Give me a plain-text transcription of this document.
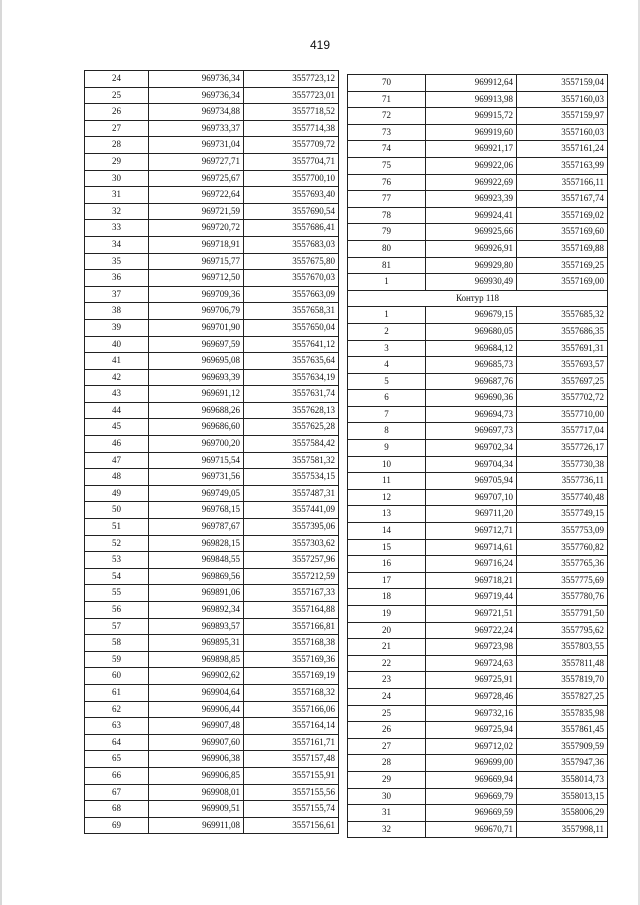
419
24	969736,34	3557723,12
25	969736,34	3557723,01
26	969734,88	3557718,52
27	969733,37	3557714,38
28	969731,04	3557709,72
29	969727,71	3557704,71
30	969725,67	3557700,10
31	969722,64	3557693,40
32	969721,59	3557690,54
33	969720,72	3557686,41
34	969718,91	3557683,03
35	969715,77	3557675,80
36	969712,50	3557670,03
37	969709,36	3557663,09
38	969706,79	3557658,31
39	969701,90	3557650,04
40	969697,59	3557641,12
41	969695,08	3557635,64
42	969693,39	3557634,19
43	969691,12	3557631,74
44	969688,26	3557628,13
45	969686,60	3557625,28
46	969700,20	3557584,42
47	969715,54	3557581,32
48	969731,56	3557534,15
49	969749,05	3557487,31
50	969768,15	3557441,09
51	969787,67	3557395,06
52	969828,15	3557303,62
53	969848,55	3557257,96
54	969869,56	3557212,59
55	969891,06	3557167,33
56	969892,34	3557164,88
57	969893,57	3557166,81
58	969895,31	3557168,38
59	969898,85	3557169,36
60	969902,62	3557169,19
61	969904,64	3557168,32
62	969906,44	3557166,06
63	969907,48	3557164,14
64	969907,60	3557161,71
65	969906,38	3557157,48
66	969906,85	3557155,91
67	969908,01	3557155,56
68	969909,51	3557155,74
69	969911,08	3557156,61
70	969912,64	3557159,04
71	969913,98	3557160,03
72	969915,72	3557159,97
73	969919,60	3557160,03
74	969921,17	3557161,24
75	969922,06	3557163,99
76	969922,69	3557166,11
77	969923,39	3557167,74
78	969924,41	3557169,02
79	969925,66	3557169,60
80	969926,91	3557169,88
81	969929,80	3557169,25
1	969930,49	3557169,00
Контур 118		
1	969679,15	3557685,32
2	969680,05	3557686,35
3	969684,12	3557691,31
4	969685,73	3557693,57
5	969687,76	3557697,25
6	969690,36	3557702,72
7	969694,73	3557710,00
8	969697,73	3557717,04
9	969702,34	3557726,17
10	969704,34	3557730,38
11	969705,94	3557736,11
12	969707,10	3557740,48
13	969711,20	3557749,15
14	969712,71	3557753,09
15	969714,61	3557760,82
16	969716,24	3557765,36
17	969718,21	3557775,69
18	969719,44	3557780,76
19	969721,51	3557791,50
20	969722,24	3557795,62
21	969723,98	3557803,55
22	969724,63	3557811,48
23	969725,91	3557819,70
24	969728,46	3557827,25
25	969732,16	3557835,98
26	969725,94	3557861,45
27	969712,02	3557909,59
28	969699,00	3557947,36
29	969669,94	3558014,73
30	969669,79	3558013,15
31	969669,59	3558006,29
32	969670,71	3557998,11
